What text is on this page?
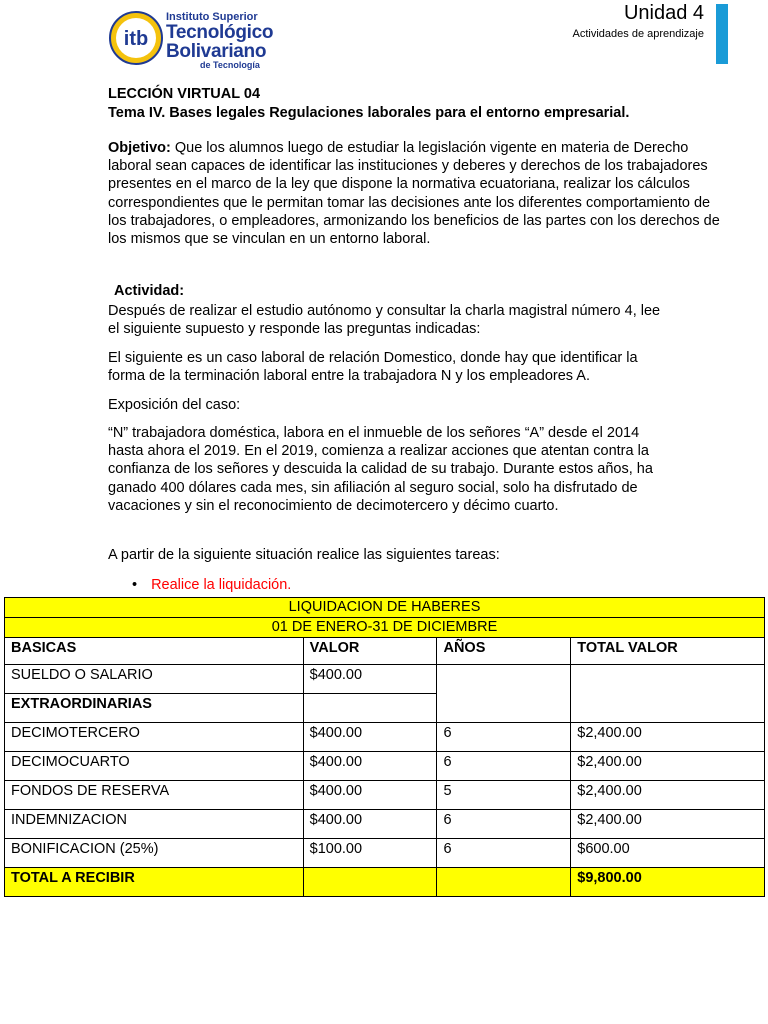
itb
Instituto Superior
Tecnológico
Bolivariano
de Tecnología
Unidad 4
Actividades de aprendizaje
LECCIÓN VIRTUAL 04
Tema IV. Bases legales Regulaciones laborales para el entorno empresarial.
Objetivo: Que los alumnos luego de estudiar la legislación vigente en materia de Derecho laboral sean capaces de identificar las instituciones y deberes y derechos de los trabajadores presentes en el marco de la ley que dispone la normativa ecuatoriana, realizar los cálculos correspondientes que le permitan tomar las decisiones ante los diferentes comportamiento de los trabajadores, o empleadores, armonizando los beneficios de las partes con los derechos de los mismos que se vinculan en un entorno laboral.
Actividad:
Después de realizar el estudio autónomo y consultar la charla magistral número 4, lee el siguiente supuesto y responde las preguntas indicadas:
El siguiente es un caso laboral de relación Domestico, donde hay que identificar la forma de la terminación laboral entre la trabajadora N y los empleadores A.
Exposición del caso:
“N” trabajadora doméstica, labora en el inmueble de los señores “A” desde el 2014 hasta ahora el 2019. En el 2019, comienza a realizar acciones que atentan contra la confianza de los señores y descuida la calidad de su trabajo. Durante estos años, ha ganado 400 dólares cada mes, sin afiliación al seguro social, solo ha disfrutado de vacaciones y sin el reconocimiento de decimotercero y décimo cuarto.
A partir de la siguiente situación realice las siguientes tareas:
• Realice la liquidación.
LIQUIDACION DE HABERES			
01 DE ENERO-31 DE DICIEMBRE			
BASICAS	VALOR	AÑOS	TOTAL VALOR
SUELDO O SALARIO	$400.00		
EXTRAORDINARIAS			
DECIMOTERCERO	$400.00	6	$2,400.00
DECIMOCUARTO	$400.00	6	$2,400.00
FONDOS DE RESERVA	$400.00	5	$2,400.00
INDEMNIZACION	$400.00	6	$2,400.00
BONIFICACION (25%)	$100.00	6	$600.00
TOTAL A RECIBIR			$9,800.00
